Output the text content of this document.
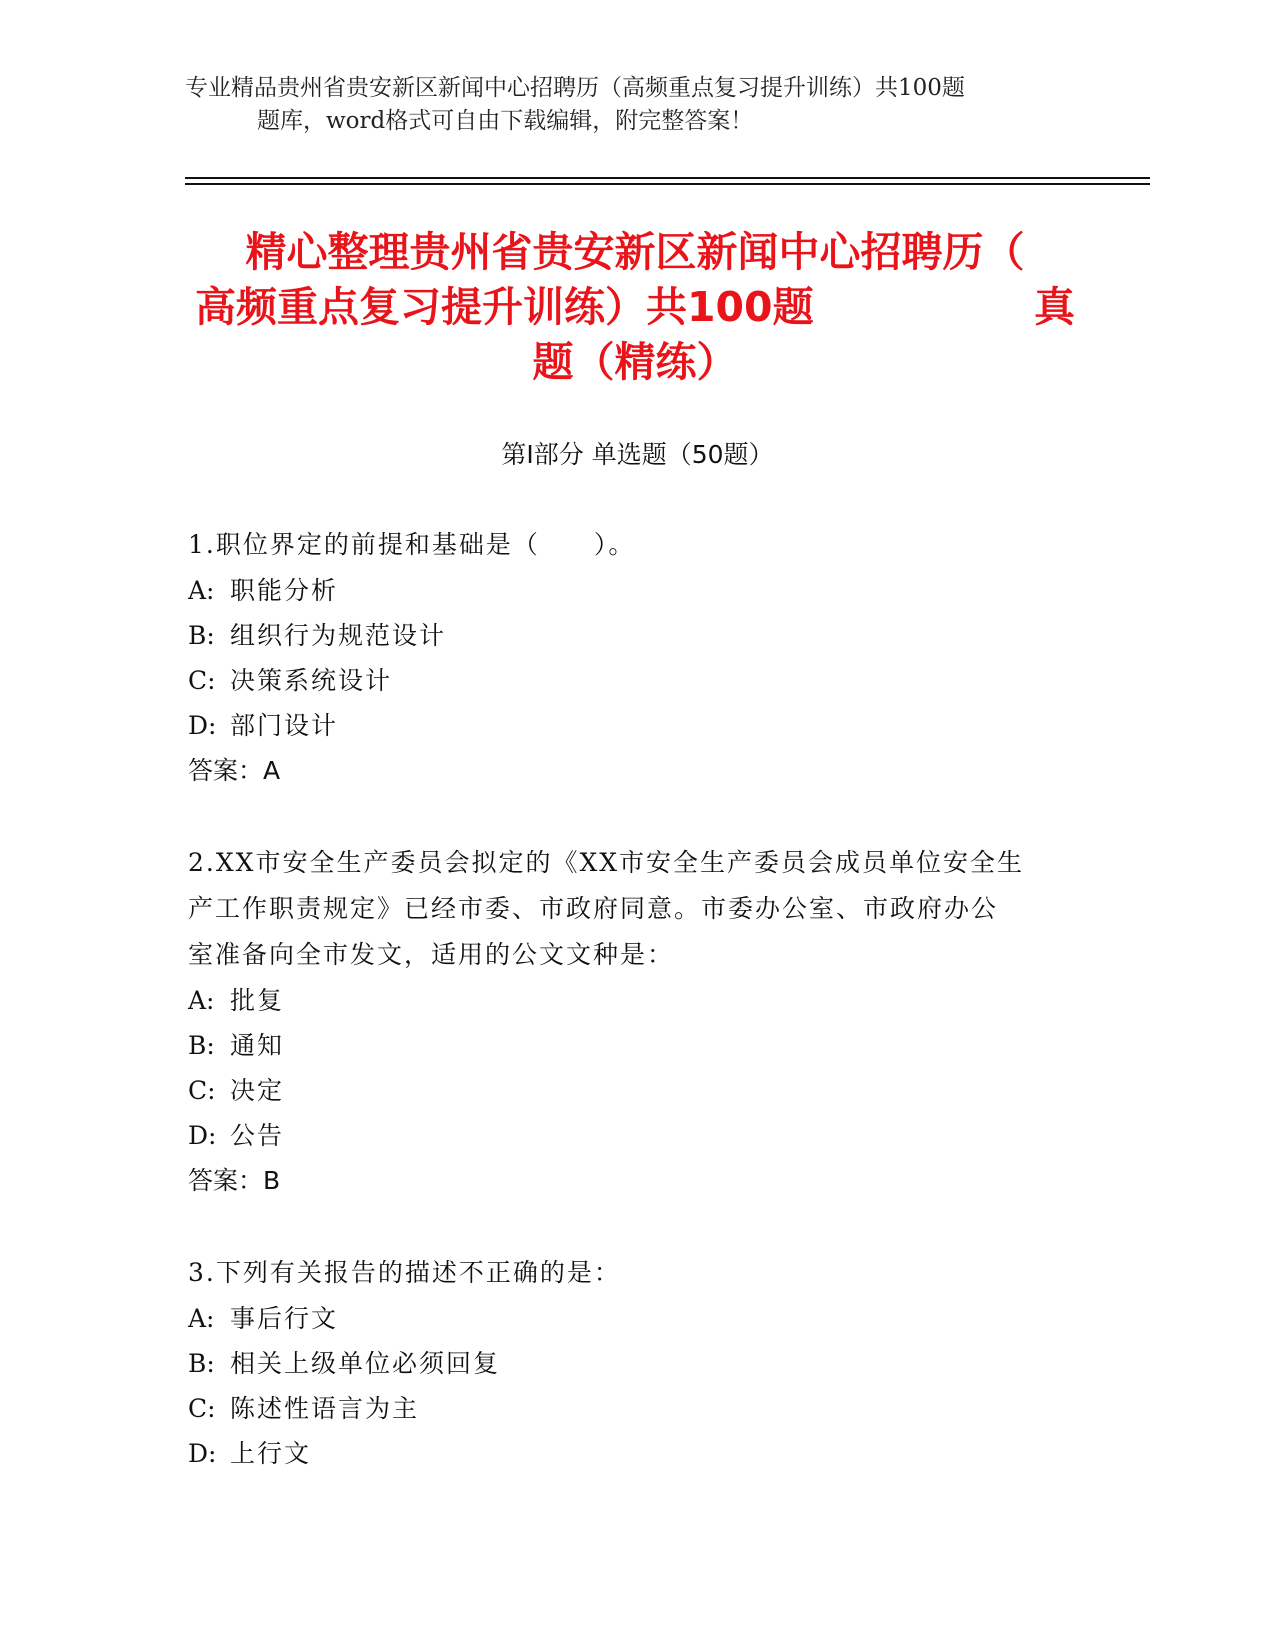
专业精品贵州省贵安新区新闻中心招聘历（高频重点复习提升训练）共100题
题库，word格式可自由下载编辑，附完整答案！
精心整理贵州省贵安新区新闻中心招聘历（
高频重点复习提升训练）共100题	真
题（精练）
第Ⅰ部分 单选题（50题）
1.职位界定的前提和基础是（　　）。
A: 职能分析
B: 组织行为规范设计
C: 决策系统设计
D: 部门设计
答案：A
2.XX市安全生产委员会拟定的《XX市安全生产委员会成员单位安全生
产工作职责规定》已经市委、市政府同意。市委办公室、市政府办公
室准备向全市发文，适用的公文文种是：
A: 批复
B: 通知
C: 决定
D: 公告
答案：B
3.下列有关报告的描述不正确的是：
A: 事后行文
B: 相关上级单位必须回复
C: 陈述性语言为主
D: 上行文
